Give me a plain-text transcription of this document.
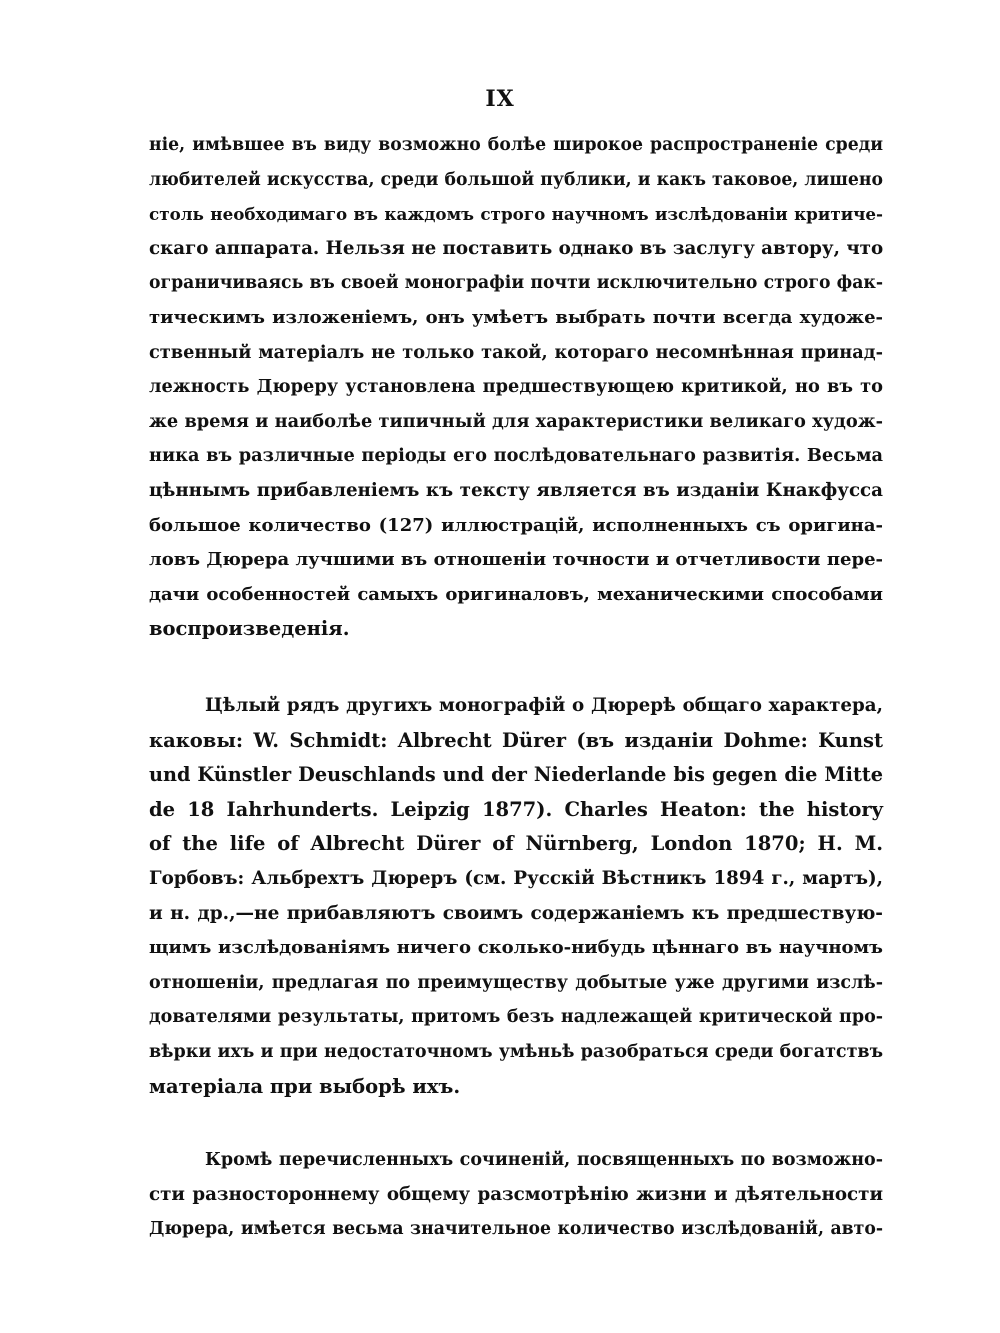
IX
ніе, имѣвшее въ виду возможно болѣе широкое распространеніе среди
любителей искусства, среди большой публики, и какъ таковое, лишено
столь необходимаго въ каждомъ строго научномъ изслѣдованіи критиче-
скаго аппарата. Нельзя не поставить однако въ заслугу автору, что
ограничиваясь въ своей монографіи почти исключительно строго фак-
тическимъ изложеніемъ, онъ умѣетъ выбрать почти всегда художе-
ственный матеріалъ не только такой, котораго несомнѣнная принад-
лежность Дюреру установлена предшествующею критикой, но въ то
же время и наиболѣе типичный для характеристики великаго худож-
ника въ различные періоды его послѣдовательнаго развитія. Весьма
цѣннымъ прибавленіемъ къ тексту является въ изданіи Кнакфусса
большое количество (127) иллюстрацій, исполненныхъ съ оригина-
ловъ Дюрера лучшими въ отношеніи точности и отчетливости пере-
дачи особенностей самыхъ оригиналовъ, механическими способами
воспроизведенія.
Цѣлый рядъ другихъ монографій о Дюрерѣ общаго характера,
каковы: W. Schmidt: Albrecht Dürer (въ изданіи Dohme: Kunst
und Künstler Deuschlands und der Niederlande bis gegen die Mitte
de 18 Iahrhunderts. Leipzig 1877). Charles Heaton: the history
of the life of Albrecht Dürer of Nürnberg, London 1870; Н. М.
Горбовъ: Альбрехтъ Дюреръ (см. Русскій Вѣстникъ 1894 г., мартъ),
и н. др.,—не прибавляютъ своимъ содержаніемъ къ предшествую-
щимъ изслѣдованіямъ ничего сколько-нибудь цѣннаго въ научномъ
отношеніи, предлагая по преимуществу добытые уже другими изслѣ-
дователями результаты, притомъ безъ надлежащей критической про-
вѣрки ихъ и при недостаточномъ умѣньѣ разобраться среди богатствъ
матеріала при выборѣ ихъ.
Кромѣ перечисленныхъ сочиненій, посвященныхъ по возможно-
сти разностороннему общему разсмотрѣнію жизни и дѣятельности
Дюрера, имѣется весьма значительное количество изслѣдованій, авто-
